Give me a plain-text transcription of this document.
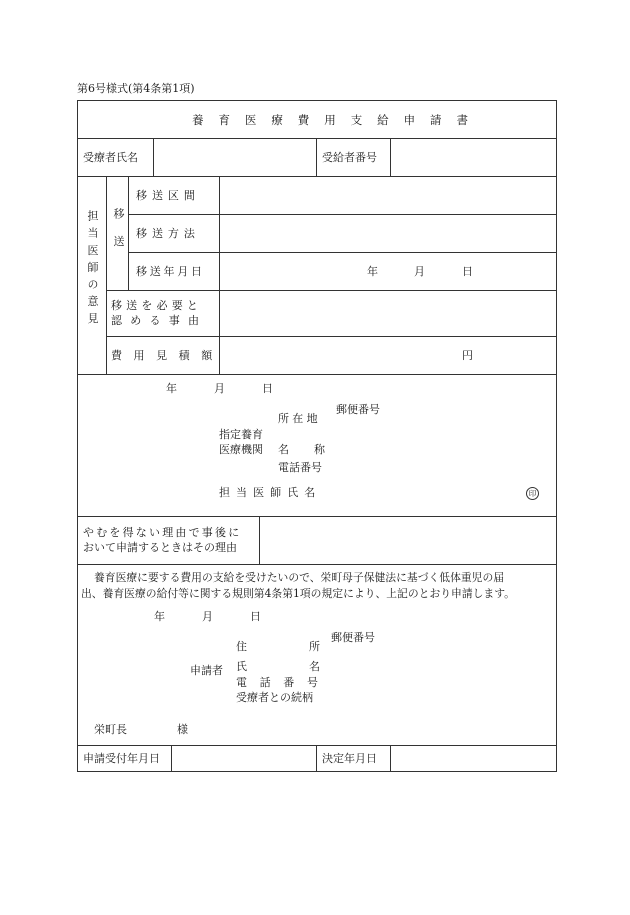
第6号様式(第4条第1項)
養育医療費用支給申請書
受療者氏名	受給者番号
担当医師の意見 移送
移送区間
移送方法
移送年月日	年	月	日
移送を必要と
認める事由
費用見積額	円
年	月	日
郵便番号
所在地
指定養育
医療機関 名 称
電話番号
担当医師氏名	印
やむを得ない理由で事後に
おいて申請するときはその理由
養育医療に要する費用の支給を受けたいので、栄町母子保健法に基づく低体重児の届
出、養育医療の給付等に関する規則第4条第1項の規定により、上記のとおり申請します。
年	月	日
郵便番号
住	所
申請者 氏	名
電話番号
受療者との続柄
栄町長	様
申請受付年月日	決定年月日
